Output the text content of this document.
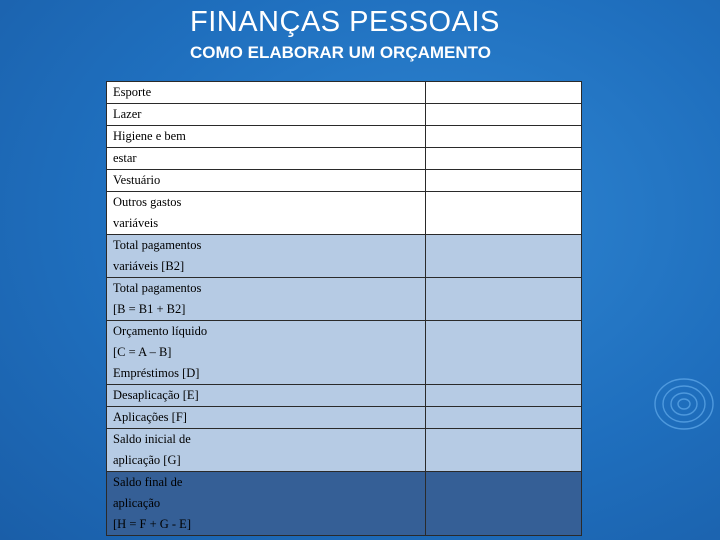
FINANÇAS PESSOAIS
COMO ELABORAR UM ORÇAMENTO
Esporte	

Lazer	

Higiene e bem	

estar	

Vestuário	

Outros gastos
variáveis	

Total pagamentos
variáveis [B2]	

Total pagamentos
[B = B1 + B2]	

Orçamento líquido
[C = A – B]
Empréstimos [D]	

Desaplicação [E]	

Aplicações [F]	

Saldo inicial de
aplicação [G]	

Saldo final de
aplicação
[H = F + G - E]	
